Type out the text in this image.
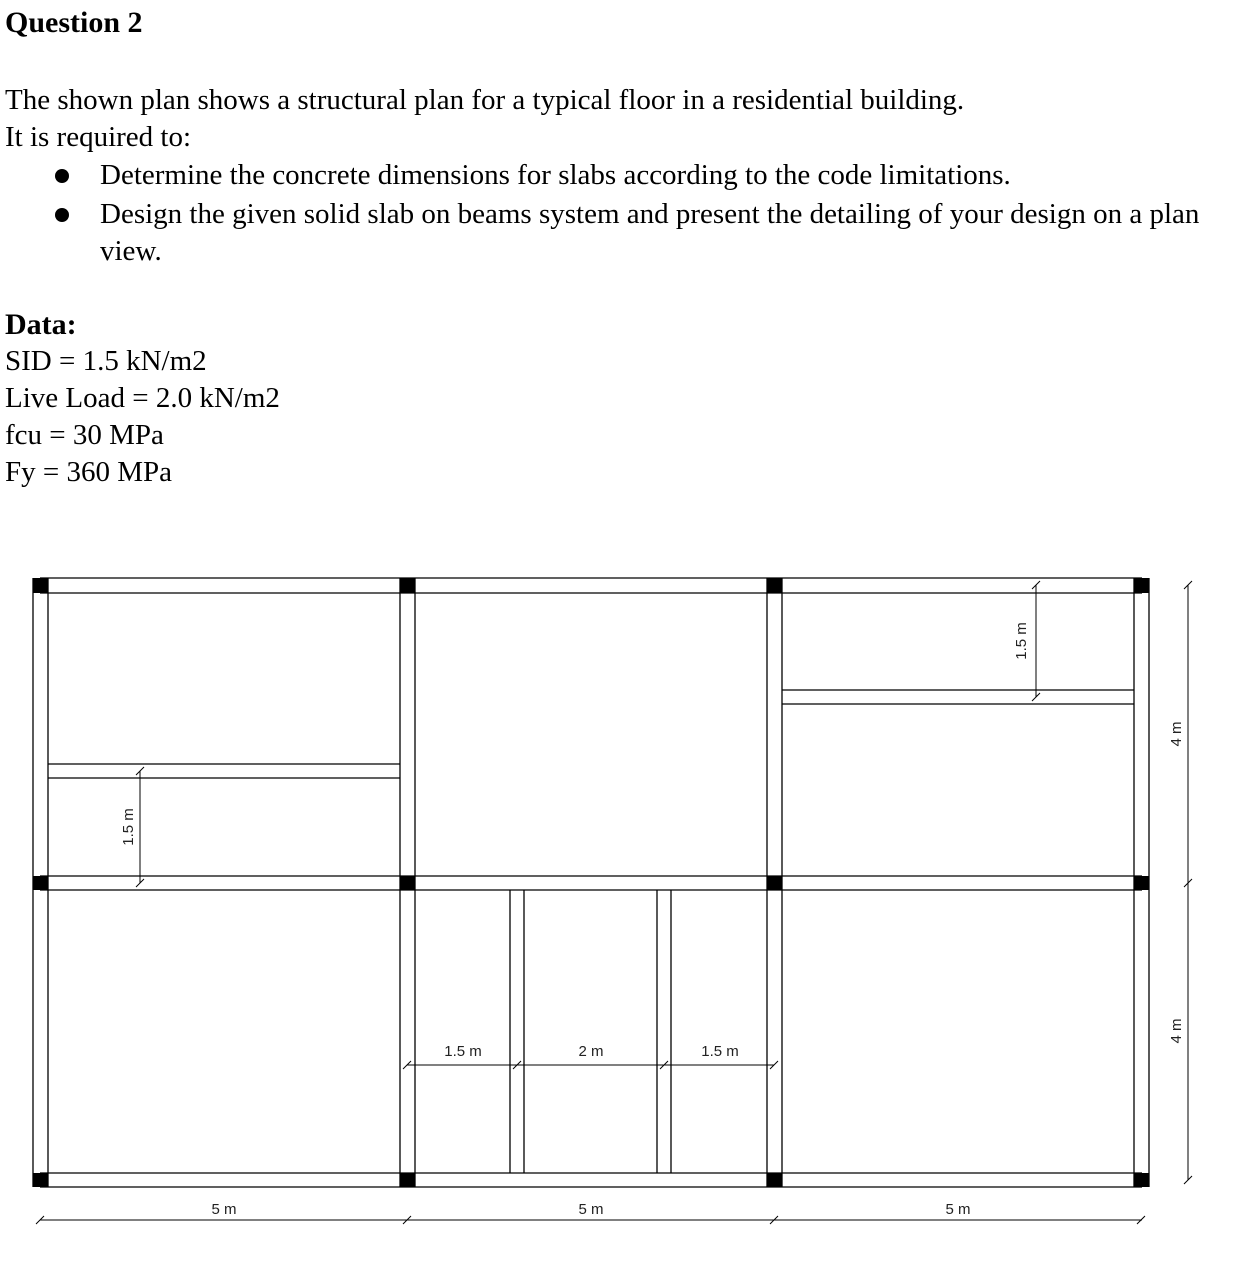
Question 2

The shown plan shows a structural plan for a typical floor in a residential building.
It is required to:

Determine the concrete dimensions for slabs according to the code limitations.
Design the given solid slab on beams system and present the detailing of your design on a plan view.
Data:
SID = 1.5 kN/m2
Live Load = 2.0 kN/m2
fcu = 30 MPa
Fy = 360 MPa
5 m	5 m	5 m
4 m
4 m
1.5 m
1.5 m
1.5 m	2 m	1.5 m
